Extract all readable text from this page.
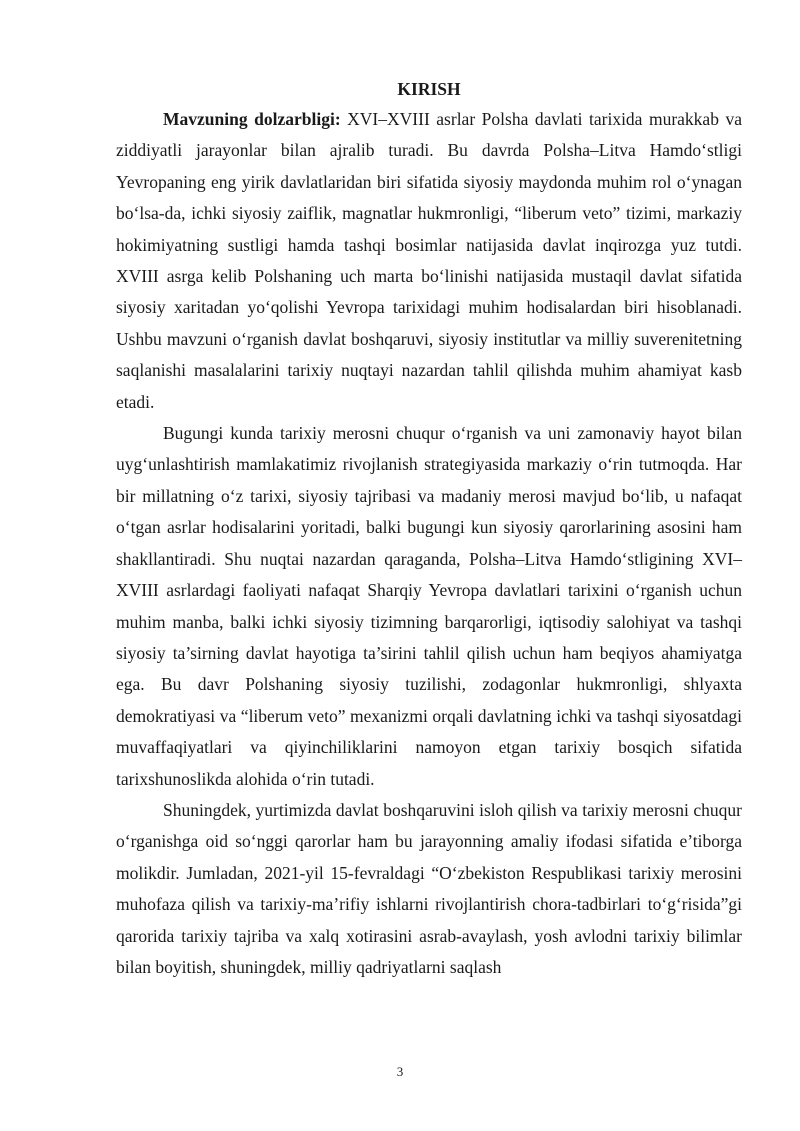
KIRISH

Mavzuning dolzarbligi: XVI–XVIII asrlar Polsha davlati tarixida murakkab va ziddiyatli jarayonlar bilan ajralib turadi. Bu davrda Polsha–Litva Hamdo‘stligi Yevropaning eng yirik davlatlaridan biri sifatida siyosiy maydonda muhim rol o‘ynagan bo‘lsa-da, ichki siyosiy zaiflik, magnatlar hukmronligi, “liberum veto” tizimi, markaziy hokimiyatning sustligi hamda tashqi bosimlar natijasida davlat inqirozga yuz tutdi. XVIII asrga kelib Polshaning uch marta bo‘linishi natijasida mustaqil davlat sifatida siyosiy xaritadan yo‘qolishi Yevropa tarixidagi muhim hodisalardan biri hisoblanadi. Ushbu mavzuni o‘rganish davlat boshqaruvi, siyosiy institutlar va milliy suverenitetning saqlanishi masalalarini tarixiy nuqtayi nazardan tahlil qilishda muhim ahamiyat kasb etadi.

Bugungi kunda tarixiy merosni chuqur o‘rganish va uni zamonaviy hayot bilan uyg‘unlashtirish mamlakatimiz rivojlanish strategiyasida markaziy o‘rin tutmoqda. Har bir millatning o‘z tarixi, siyosiy tajribasi va madaniy merosi mavjud bo‘lib, u nafaqat o‘tgan asrlar hodisalarini yoritadi, balki bugungi kun siyosiy qarorlarining asosini ham shakllantiradi. Shu nuqtai nazardan qaraganda, Polsha–Litva Hamdo‘stligining XVI–XVIII asrlardagi faoliyati nafaqat Sharqiy Yevropa davlatlari tarixini o‘rganish uchun muhim manba, balki ichki siyosiy tizimning barqarorligi, iqtisodiy salohiyat va tashqi siyosiy ta’sirning davlat hayotiga ta’sirini tahlil qilish uchun ham beqiyos ahamiyatga ega. Bu davr Polshaning siyosiy tuzilishi, zodagonlar hukmronligi, shlyaxta demokratiyasi va “liberum veto” mexanizmi orqali davlatning ichki va tashqi siyosatdagi muvaffaqiyatlari va qiyinchiliklarini namoyon etgan tarixiy bosqich sifatida tarixshunoslikda alohida o‘rin tutadi.

Shuningdek, yurtimizda davlat boshqaruvini isloh qilish va tarixiy merosni chuqur o‘rganishga oid so‘nggi qarorlar ham bu jarayonning amaliy ifodasi sifatida e’tiborga molikdir. Jumladan, 2021-yil 15-fevraldagi “O‘zbekiston Respublikasi tarixiy merosini muhofaza qilish va tarixiy-ma’rifiy ishlarni rivojlantirish chora-tadbirlari to‘g‘risida”gi qarorida tarixiy tajriba va xalq xotirasini asrab-avaylash, yosh avlodni tarixiy bilimlar bilan boyitish, shuningdek, milliy qadriyatlarni saqlash

3
